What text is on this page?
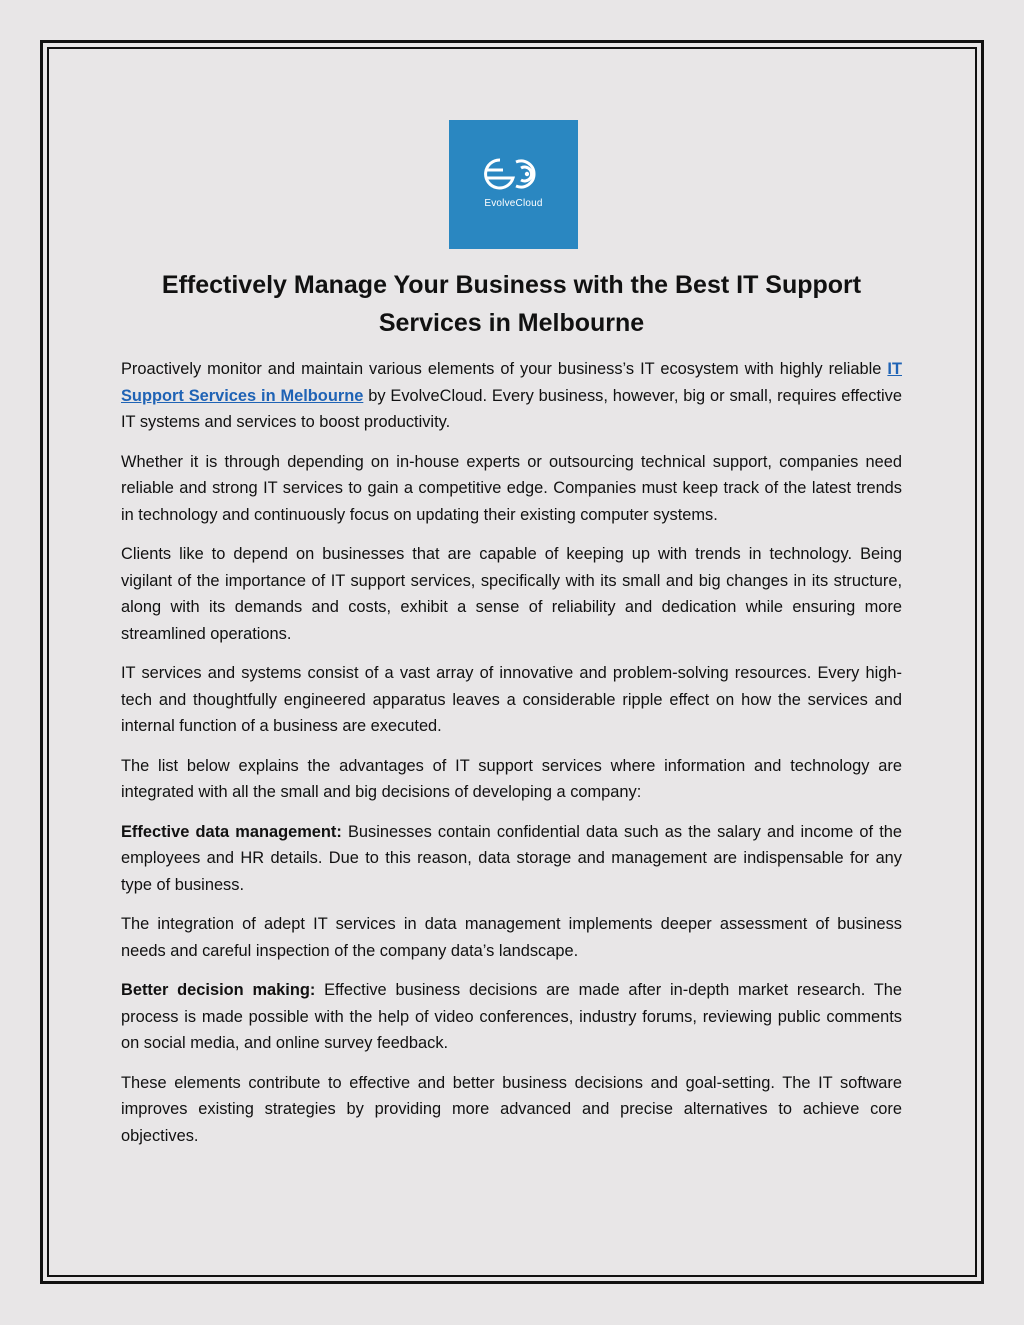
EvolveCloud
Effectively Manage Your Business with the Best IT Support Services in Melbourne

Proactively monitor and maintain various elements of your business’s IT ecosystem with highly reliable IT Support Services in Melbourne by EvolveCloud. Every business, however, big or small, requires effective IT systems and services to boost productivity.

Whether it is through depending on in-house experts or outsourcing technical support, companies need reliable and strong IT services to gain a competitive edge. Companies must keep track of the latest trends in technology and continuously focus on updating their existing computer systems.

Clients like to depend on businesses that are capable of keeping up with trends in technology. Being vigilant of the importance of IT support services, specifically with its small and big changes in its structure, along with its demands and costs, exhibit a sense of reliability and dedication while ensuring more streamlined operations.

IT services and systems consist of a vast array of innovative and problem-solving resources. Every high-tech and thoughtfully engineered apparatus leaves a considerable ripple effect on how the services and internal function of a business are executed.

The list below explains the advantages of IT support services where information and technology are integrated with all the small and big decisions of developing a company:

Effective data management: Businesses contain confidential data such as the salary and income of the employees and HR details. Due to this reason, data storage and management are indispensable for any type of business.

The integration of adept IT services in data management implements deeper assessment of business needs and careful inspection of the company data’s landscape.

Better decision making: Effective business decisions are made after in-depth market research. The process is made possible with the help of video conferences, industry forums, reviewing public comments on social media, and online survey feedback.

These elements contribute to effective and better business decisions and goal-setting. The IT software improves existing strategies by providing more advanced and precise alternatives to achieve core objectives.
